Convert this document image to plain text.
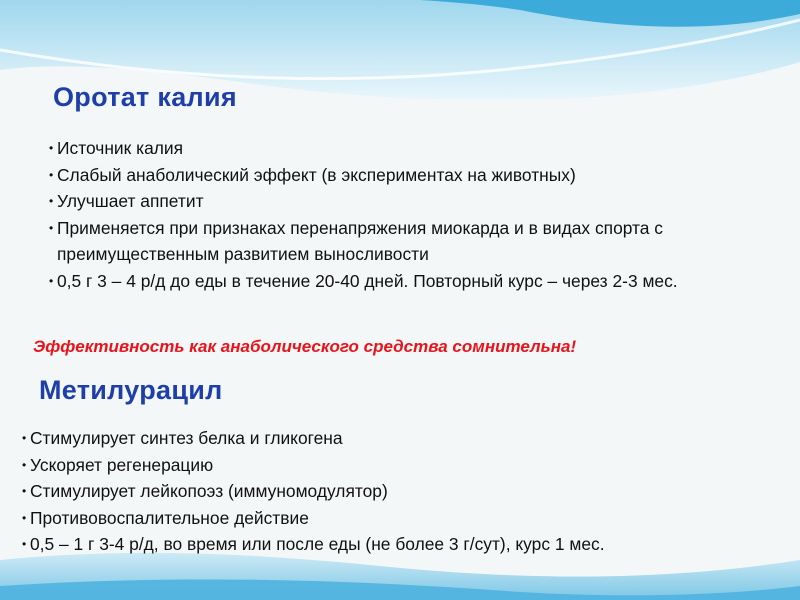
Оротат калия
• Источник калия
• Слабый анаболический эффект (в экспериментах на животных)
• Улучшает аппетит
• Применяется при признаках перенапряжения миокарда и в видах спорта с преимущественным развитием выносливости
• 0,5 г 3 – 4 р/д до еды в течение 20-40 дней. Повторный курс – через 2-3 мес.

Эффективность как анаболического средства сомнительна!

Метилурацил
• Стимулирует синтез белка и гликогена
• Ускоряет регенерацию
• Стимулирует лейкопоэз (иммуномодулятор)
• Противовоспалительное действие
• 0,5 – 1 г 3-4 р/д, во время или после еды (не более 3 г/сут), курс 1 мес.
